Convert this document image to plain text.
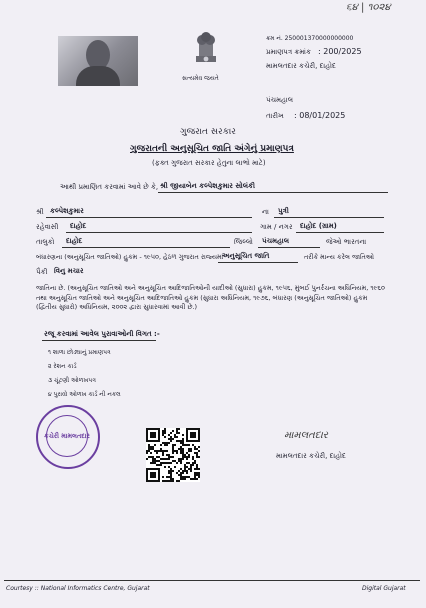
૬૪ | ૧૦૨૪
સત્યમેવ જયતે
ક્રમ નં. 250001370000000000
પ્રમાણપત્ર ક્રમાંક : 200/2025
મામલતદાર કચેરી, દાહોદ
પંચમહાલ
તારીખ : 08/01/2025
ગુજરાત સરકાર
ગુજરાતની અનુસૂચિત જાતિ અંગેનું પ્રમાણપત્ર
(ફક્ત ગુજરાત સરકાર હેતુના લાભો માટે)
આથી પ્રમાણિત કરવામાં આવે છે કે, શ્રી જીયાબેન કલ્પેશકુમાર સોલંકી
શ્રી કલ્પેશકુમાર	ના પુત્રી
રહેવાસી દાહોદ	ગામ / નગર દાહોદ (ગ્રામ)
તાલુકો દાહોદ	જિલ્લો પંચમહાલ	જેઓ ભારતના
બંધારણના (અનુસૂચિત જાતિઓ) હુકમ - ૧૯૫૦, હેઠળ ગુજરાત રાજ્યમાં
અનુસૂચિત જાતિ	તરીકે માન્ય કરેલ જાતિઓ
પૈકી વિનુ મચાર
જાતિના છે. (અનુસૂચિત જાતિઓ અને અનુસૂચિત આદિજાતિઓની યાદીઓ (સુધારા) હુકમ, ૧૯૫૬, મુંબઈ પુનર્રચના અધિનિયમ, ૧૯૬૦ તથા અનુસૂચિત જાતિઓ અને અનુસૂચિત આદિજાતિઓ હુકમ (સુધારા અધિનિયમ, ૧૯૭૬, બંધારણ (અનુસૂચિત જાતિઓ) હુકમ (દ્વિતીય સુધારો) અધિનિયમ, ૨૦૦૨ દ્વારા સુધારવામાં આવી છે.)
રજૂ કરવામાં આવેલ પુરાવાઓની વિગત :-
૧ શાળા છોડ્યાનું પ્રમાણપત્ર
૨ રેશન કાર્ડ
૩ ચૂંટણી ઓળખપત્ર
૪ પુરાવો ઓળખ કાર્ડ ની નકલ
કચેરી મામલતદાર	મામલતદાર
મામલતદાર કચેરી, દાહોદ
Courtesy :: National Informatics Centre, Gujarat	Digital Gujarat
